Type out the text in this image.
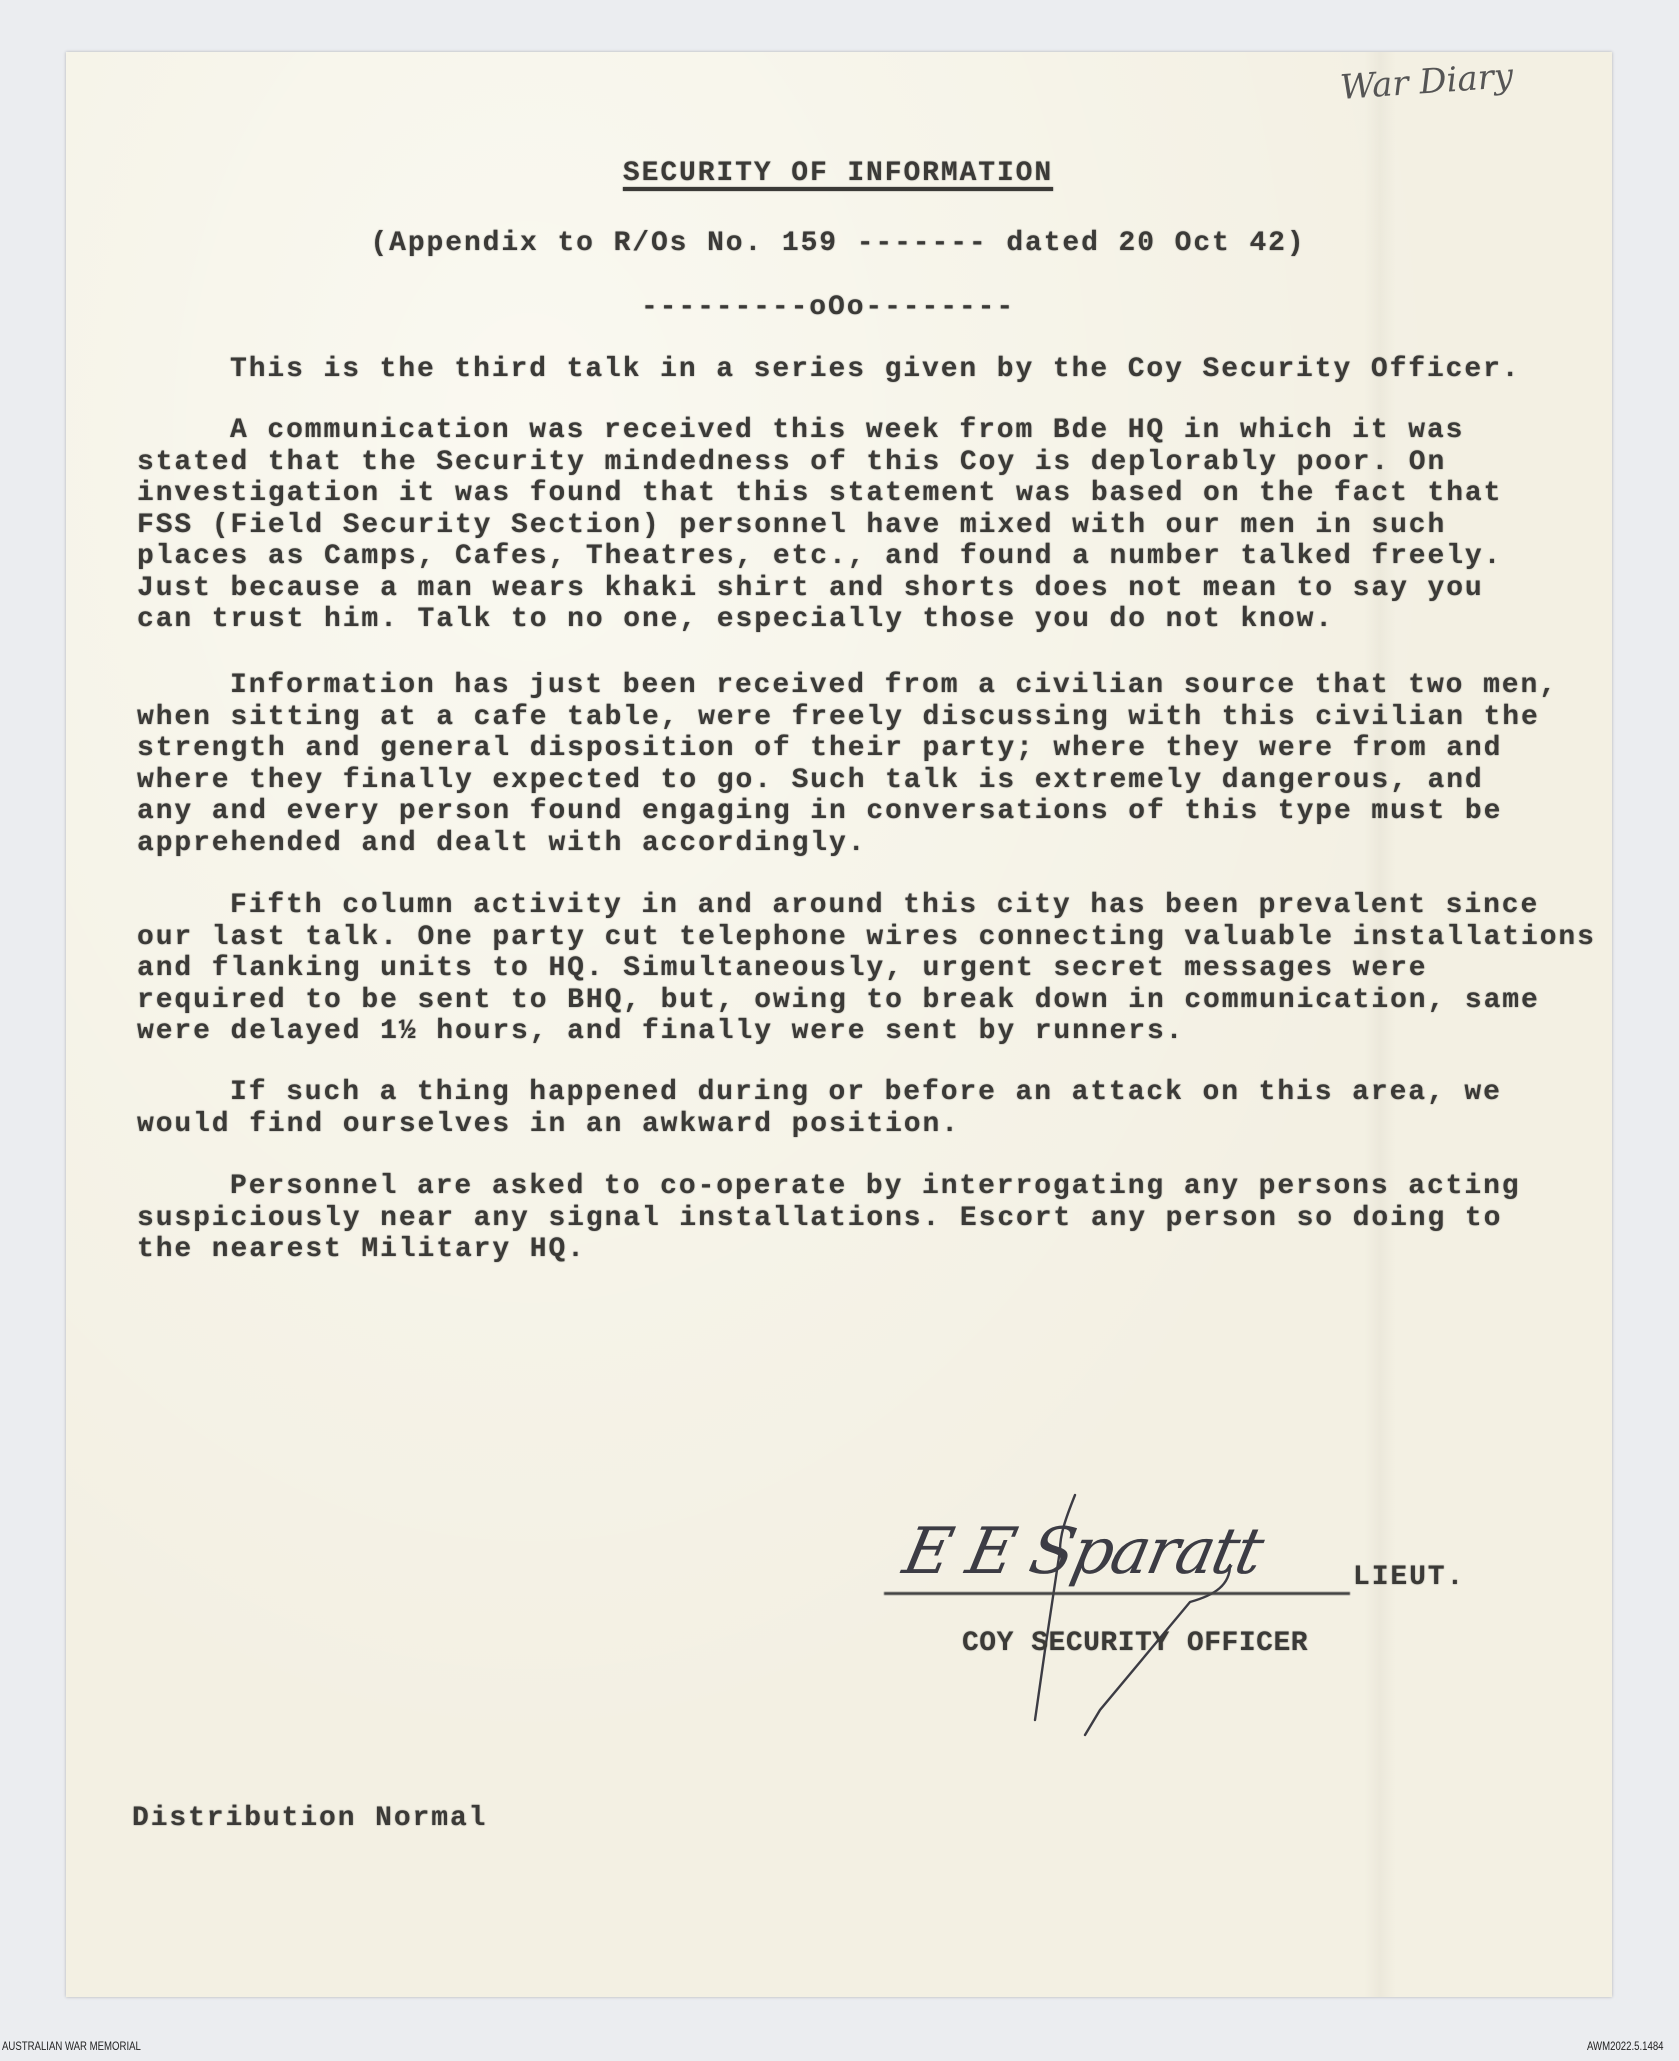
War Diary
SECURITY OF INFORMATION
(Appendix to R/Os No. 159 ------- dated 20 Oct 42)
---------oOo--------
This is the third talk in a series given by the Coy Security Officer.
A communication was received this week from Bde HQ in which it was
stated that the Security mindedness of this Coy is deplorably poor. On
investigation it was found that this statement was based on the fact that
FSS (Field Security Section) personnel have mixed with our men in such
places as Camps, Cafes, Theatres, etc., and found a number talked freely.
Just because a man wears khaki shirt and shorts does not mean to say you
can trust him. Talk to no one, especially those you do not know.
Information has just been received from a civilian source that two men,
when sitting at a cafe table, were freely discussing with this civilian the
strength and general disposition of their party; where they were from and
where they finally expected to go. Such talk is extremely dangerous, and
any and every person found engaging in conversations of this type must be
apprehended and dealt with accordingly.
Fifth column activity in and around this city has been prevalent since
our last talk. One party cut telephone wires connecting valuable installations
and flanking units to HQ. Simultaneously, urgent secret messages were
required to be sent to BHQ, but, owing to break down in communication, same
were delayed 1½ hours, and finally were sent by runners.
If such a thing happened during or before an attack on this area, we
would find ourselves in an awkward position.
Personnel are asked to co-operate by interrogating any persons acting
suspiciously near any signal installations. Escort any person so doing to
the nearest Military HQ.
E E Sparatt	LIEUT.
COY SECURITY OFFICER
Distribution Normal
AUSTRALIAN WAR MEMORIAL	AWM2022.5.1484
